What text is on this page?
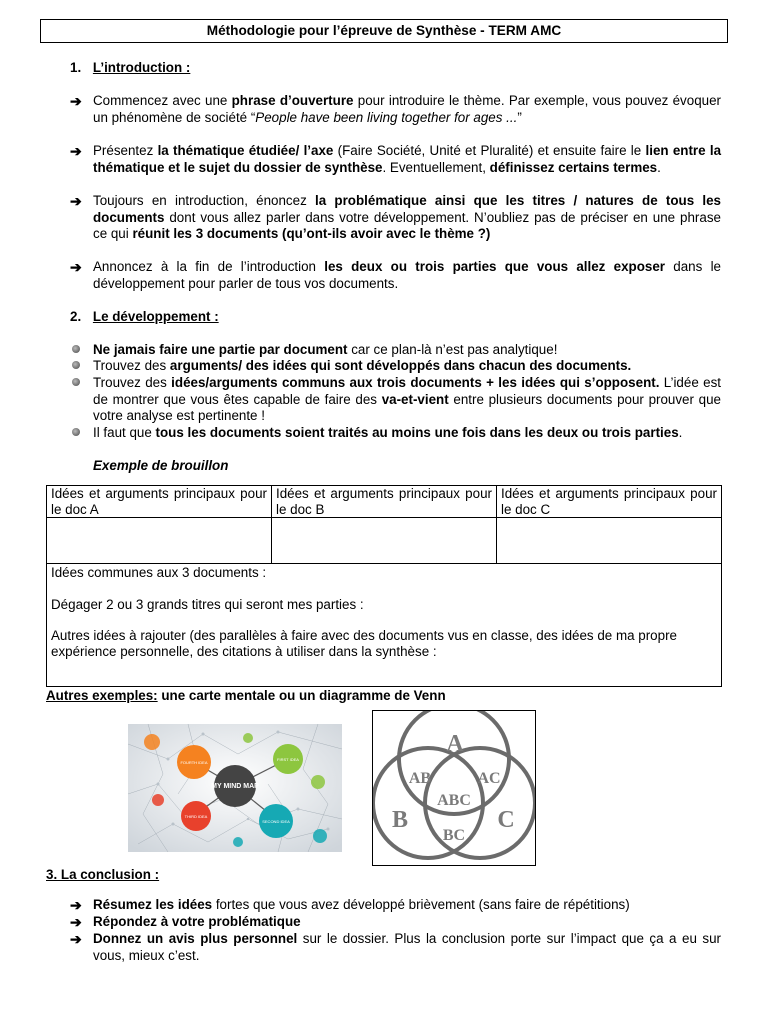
Méthodologie pour l’épreuve de Synthèse - TERM AMC
1. L’introduction :
➔ Commencez avec une phrase d’ouverture pour introduire le thème. Par exemple, vous pouvez évoquer un phénomène de société “People have been living together for ages ...”
➔ Présentez la thématique étudiée/ l’axe (Faire Société, Unité et Pluralité) et ensuite faire le lien entre la thématique et le sujet du dossier de synthèse. Eventuellement, définissez certains termes.
➔ Toujours en introduction, énoncez la problématique ainsi que les titres / natures de tous les documents dont vous allez parler dans votre développement. N’oubliez pas de préciser en une phrase ce qui réunit les 3 documents (qu’ont-ils avoir avec le thème ?)
➔ Annoncez à la fin de l’introduction les deux ou trois parties que vous allez exposer dans le développement pour parler de tous vos documents.
2. Le développement :
Ne jamais faire une partie par document car ce plan-là n’est pas analytique!
Trouvez des arguments/ des idées qui sont développés dans chacun des documents.
Trouvez des idées/arguments communs aux trois documents + les idées qui s’opposent. L’idée est de montrer que vous êtes capable de faire des va-et-vient entre plusieurs documents pour prouver que votre analyse est pertinente !
Il faut que tous les documents soient traités au moins une fois dans les deux ou trois parties.
Exemple de brouillon
Idées et arguments principaux pour le doc A	Idées et arguments principaux pour le doc B	Idées et arguments principaux pour le doc C

Idées communes aux 3 documents :
Dégager 2 ou 3 grands titres qui seront mes parties :
Autres idées à rajouter (des parallèles à faire avec des documents vus en classe, des idées de ma propre expérience personnelle, des citations à utiliser dans la synthèse :		
Autres exemples: une carte mentale ou un diagramme de Venn
MY MIND MAP
FOURTH IDEA
FIRST IDEA
THIRD IDEA
SECOND IDEA
A
B	C
AB	AC
BC
ABC
3. La conclusion :
➔ Résumez les idées fortes que vous avez développé brièvement (sans faire de répétitions)
➔ Répondez à votre problématique
➔ Donnez un avis plus personnel sur le dossier. Plus la conclusion porte sur l’impact que ça a eu sur vous, mieux c’est.
